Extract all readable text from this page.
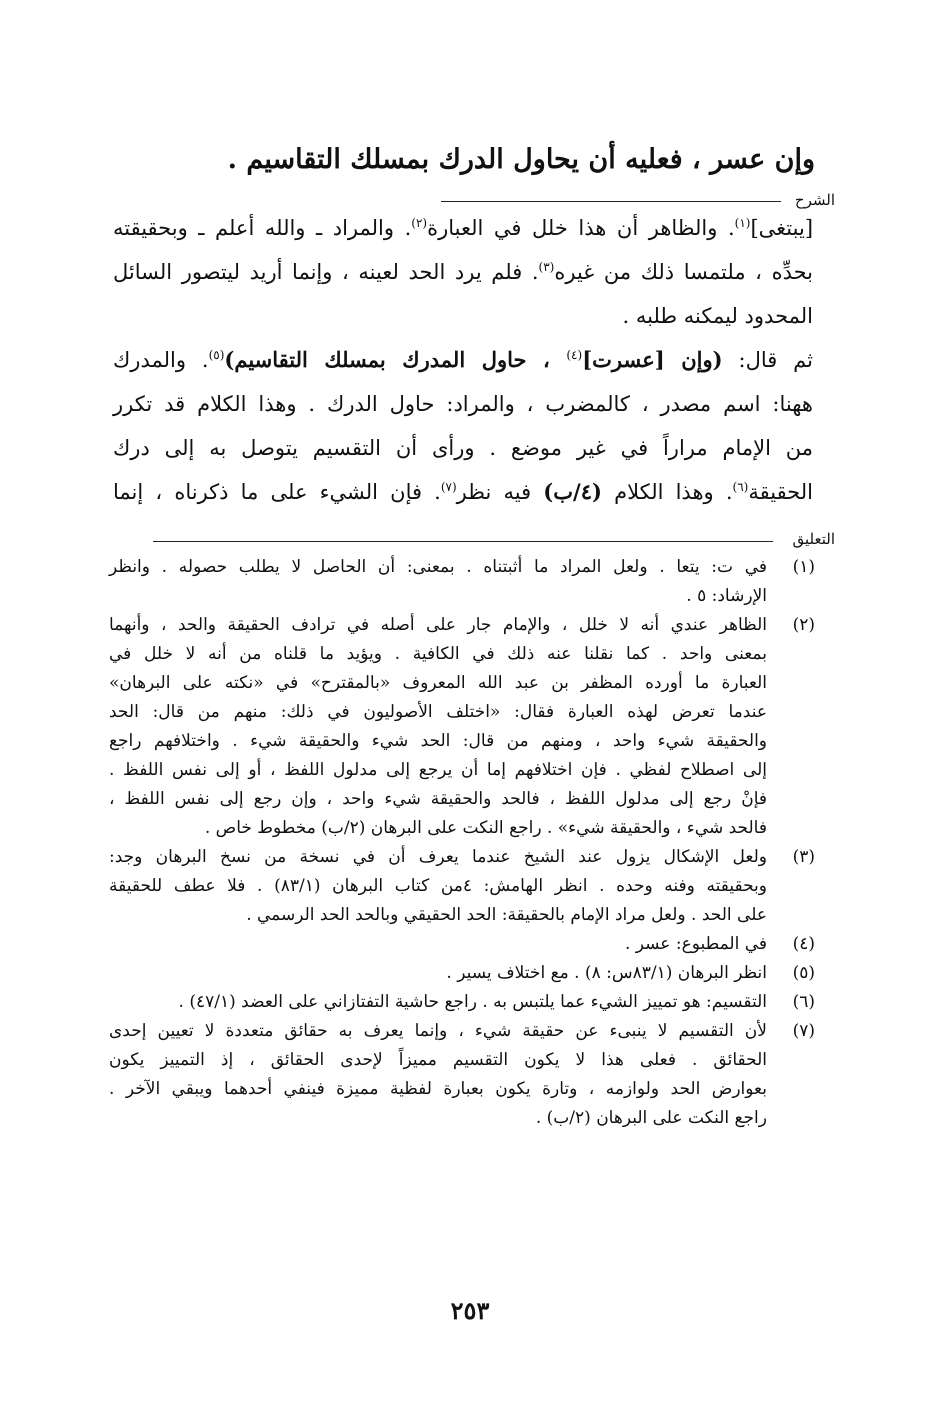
وإن عسر ، فعليه أن يحاول الدرك بمسلك التقاسيم .
الشرح
[يبتغى]$^{(١)}$. والظاهر أن هذا خلل في العبارة$^{(٢)}$. والمراد ـ والله أعلم ـ وبحقيقته
بحدِّه ، ملتمسا ذلك من غيره$^{(٣)}$. فلم يرد الحد لعينه ، وإنما أريد ليتصور السائل
المحدود ليمكنه طلبه .
ثم قال: (وإن [عسرت]$^{(٤)}$ ، حاول المدرك بمسلك التقاسيم)$^{(٥)}$. والمدرك
ههنا: اسم مصدر ، كالمضرب ، والمراد: حاول الدرك . وهذا الكلام قد تكرر
من الإمام مراراً في غير موضع . ورأى أن التقسيم يتوصل به إلى درك
الحقيقة$^{(٦)}$. وهذا الكلام (٤/ب) فيه نظر$^{(٧)}$. فإن الشيء على ما ذكرناه ، إنما
التعليق
(١)
في ت: يتعا . ولعل المراد ما أثبتناه . بمعنى: أن الحاصل لا يطلب حصوله . وانظر
الإرشاد: ٥ .
(٢)
الظاهر عندي أنه لا خلل ، والإمام جار على أصله في ترادف الحقيقة والحد ، وأنهما
بمعنى واحد . كما نقلنا عنه ذلك في الكافية . ويؤيد ما قلناه من أنه لا خلل في
العبارة ما أورده المظفر بن عبد الله المعروف «بالمقترح» في «نكته على البرهان»
عندما تعرض لهذه العبارة فقال: «اختلف الأصوليون في ذلك: منهم من قال: الحد
والحقيقة شيء واحد ، ومنهم من قال: الحد شيء والحقيقة شيء . واختلافهم راجع
إلى اصطلاح لفظي . فإن اختلافهم إما أن يرجع إلى مدلول اللفظ ، أو إلى نفس اللفظ .
فإنْ رجع إلى مدلول اللفظ ، فالحد والحقيقة شيء واحد ، وإن رجع إلى نفس اللفظ ،
فالحد شيء ، والحقيقة شيء» . راجع النكت على البرهان (٢/ب) مخطوط خاص .
(٣)
ولعل الإشكال يزول عند الشيخ عندما يعرف أن في نسخة من نسخ البرهان وجد:
وبحقيقته وفنه وحده . انظر الهامش: ٤من كتاب البرهان (٨٣/١) . فلا عطف للحقيقة
على الحد . ولعل مراد الإمام بالحقيقة: الحد الحقيقي وبالحد الحد الرسمي .
(٤)
في المطبوع: عسر .
(٥)
انظر البرهان (٨٣/١س: ٨) . مع اختلاف يسير .
(٦)
التقسيم: هو تمييز الشيء عما يلتبس به . راجع حاشية التفتازاني على العضد (٤٧/١) .
(٧)
لأن التقسيم لا ينبىء عن حقيقة شيء ، وإنما يعرف به حقائق متعددة لا تعيين إحدى
الحقائق . فعلى هذا لا يكون التقسيم مميزاً لإحدى الحقائق ، إذ التمييز يكون
بعوارض الحد ولوازمه ، وتارة يكون بعبارة لفظية مميزة فينفي أحدهما ويبقي الآخر .
راجع النكت على البرهان (٢/ب) .
٢٥٣
